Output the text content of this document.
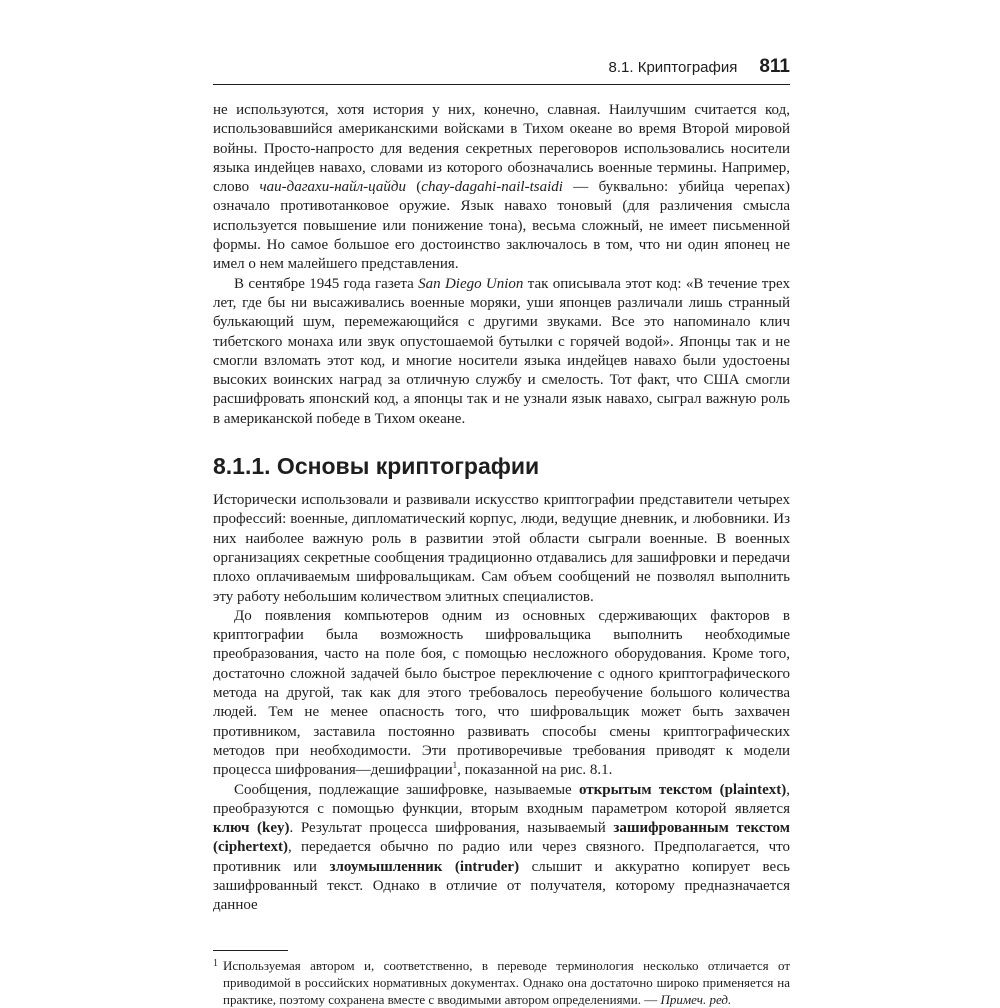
8.1. Криптография 811

не используются, хотя история у них, конечно, славная. Наилучшим считается код, использовавшийся американскими войсками в Тихом океане во время Второй мировой войны. Просто-напросто для ведения секретных переговоров использовались носители языка индейцев навахо, словами из которого обозначались военные термины. Например, слово чаи-дагахи-найл-цайди (chay-dagahi-nail-tsaidi — буквально: убийца черепах) означало противотанковое оружие. Язык навахо тоновый (для различения смысла используется повышение или понижение тона), весьма сложный, не имеет письменной формы. Но самое большое его достоинство заключалось в том, что ни один японец не имел о нем малейшего представления.

В сентябре 1945 года газета San Diego Union так описывала этот код: «В течение трех лет, где бы ни высаживались военные моряки, уши японцев различали лишь странный булькающий шум, перемежающийся с другими звуками. Все это напоминало клич тибетского монаха или звук опустошаемой бутылки с горячей водой». Японцы так и не смогли взломать этот код, и многие носители языка индейцев навахо были удостоены высоких воинских наград за отличную службу и смелость. Тот факт, что США смогли расшифровать японский код, а японцы так и не узнали язык навахо, сыграл важную роль в американской победе в Тихом океане.

8.1.1. Основы криптографии

Исторически использовали и развивали искусство криптографии представители четырех профессий: военные, дипломатический корпус, люди, ведущие дневник, и любовники. Из них наиболее важную роль в развитии этой области сыграли военные. В военных организациях секретные сообщения традиционно отдавались для зашифровки и передачи плохо оплачиваемым шифровальщикам. Сам объем сообщений не позволял выполнить эту работу небольшим количеством элитных специалистов.

До появления компьютеров одним из основных сдерживающих факторов в криптографии была возможность шифровальщика выполнить необходимые преобразования, часто на поле боя, с помощью несложного оборудования. Кроме того, достаточно сложной задачей было быстрое переключение с одного криптографического метода на другой, так как для этого требовалось переобучение большого количества людей. Тем не менее опасность того, что шифровальщик может быть захвачен противником, заставила постоянно развивать способы смены криптографических методов при необходимости. Эти противоречивые требования приводят к модели процесса шифрования—дешифрации$^1$, показанной на рис. 8.1.

Сообщения, подлежащие зашифровке, называемые открытым текстом (plaintext), преобразуются с помощью функции, вторым входным параметром которой является ключ (key). Результат процесса шифрования, называемый зашифрованным текстом (ciphertext), передается обычно по радио или через связного. Предполагается, что противник или злоумышленник (intruder) слышит и аккуратно копирует весь зашифрованный текст. Однако в отличие от получателя, которому предназначается данное

1 Используемая автором и, соответственно, в переводе терминология несколько отличается от приводимой в российских нормативных документах. Однако она достаточно широко применяется на практике, поэтому сохранена вместе с вводимыми автором определениями. — Примеч. ред.
